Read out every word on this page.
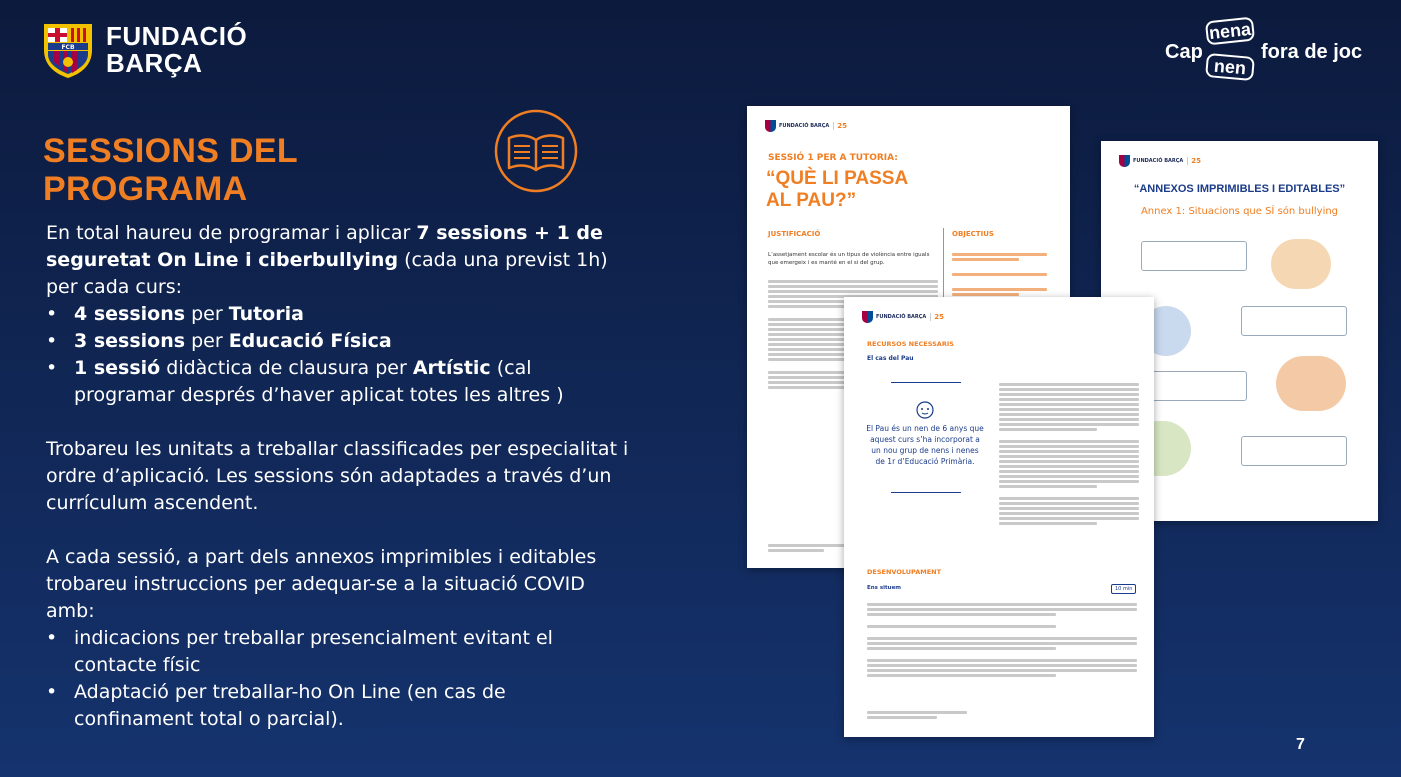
FCB FUNDACIÓ
BARÇA	Cap
nena
nen
fora de joc
SESSIONS DEL
PROGRAMA

En total haureu de programar i aplicar 7 sessions + 1 de seguretat On Line i ciberbullying (cada una previst 1h) per cada curs:

• 4 sessions per Tutoria
• 3 sessions per Educació Física
• 1 sessió didàctica de clausura per Artístic (cal programar després d’haver aplicat totes les altres )

Trobareu les unitats a treballar classificades per especialitat i ordre d’aplicació. Les sessions són adaptades a través d’un currículum ascendent.

A cada sessió, a part dels annexos imprimibles i editables trobareu instruccions per adequar-se a la situació COVID amb:

• indicacions per treballar presencialment evitant el contacte físic
• Adaptació per treballar-ho On Line (en cas de confinament total o parcial).
FUNDACIÓ BARÇA	25
SESSIÓ 1 PER A TUTORIA:
“QUÈ LI PASSA
AL PAU?”
JUSTIFICACIÓ	OBJECTIUS
L’assetjament escolar és un tipus de violència entre iguals que emergeix i es manté en el si del grup.
FUNDACIÓ BARÇA	25
“ANNEXOS IMPRIMIBLES I EDITABLES”
Annex 1: Situacions que SÍ són bullying
FUNDACIÓ BARÇA	25
RECURSOS NECESSARIS
El cas del Pau
El Pau és un nen de 6 anys que aquest curs s’ha incorporat a un nou grup de nens i nenes de 1r d’Educació Primària.
DESENVOLUPAMENT
Ens situem	10 min
7
